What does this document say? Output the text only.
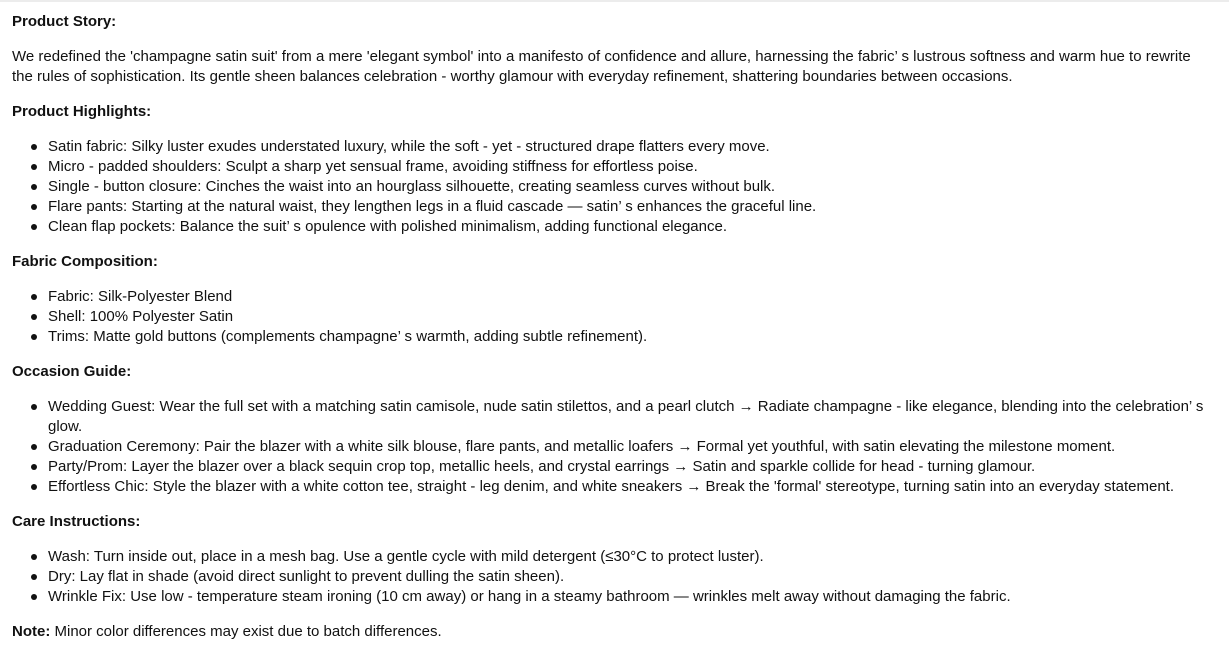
Product Story:

We redefined the 'champagne satin suit' from a mere 'elegant symbol' into a manifesto of confidence and allure, harnessing the fabric’ s lustrous softness and warm hue to rewrite the rules of sophistication. Its gentle sheen balances celebration - worthy glamour with everyday refinement, shattering boundaries between occasions.

Product Highlights:

Satin fabric: Silky luster exudes understated luxury, while the soft - yet - structured drape flatters every move.
Micro - padded shoulders: Sculpt a sharp yet sensual frame, avoiding stiffness for effortless poise.
Single - button closure: Cinches the waist into an hourglass silhouette, creating seamless curves without bulk.
Flare pants: Starting at the natural waist, they lengthen legs in a fluid cascade — satin’ s enhances the graceful line.
Clean flap pockets: Balance the suit’ s opulence with polished minimalism, adding functional elegance.

Fabric Composition:

Fabric: Silk-Polyester Blend
Shell: 100% Polyester Satin
Trims: Matte gold buttons (complements champagne’ s warmth, adding subtle refinement).

Occasion Guide:

Wedding Guest: Wear the full set with a matching satin camisole, nude satin stilettos, and a pearl clutch → Radiate champagne - like elegance, blending into the celebration’ s glow.
Graduation Ceremony: Pair the blazer with a white silk blouse, flare pants, and metallic loafers → Formal yet youthful, with satin elevating the milestone moment.
Party/Prom: Layer the blazer over a black sequin crop top, metallic heels, and crystal earrings → Satin and sparkle collide for head - turning glamour.
Effortless Chic: Style the blazer with a white cotton tee, straight - leg denim, and white sneakers → Break the 'formal' stereotype, turning satin into an everyday statement.

Care Instructions:

Wash: Turn inside out, place in a mesh bag. Use a gentle cycle with mild detergent (≤30°C to protect luster).
Dry: Lay flat in shade (avoid direct sunlight to prevent dulling the satin sheen).
Wrinkle Fix: Use low - temperature steam ironing (10 cm away) or hang in a steamy bathroom — wrinkles melt away without damaging the fabric.

Note: Minor color differences may exist due to batch differences.
